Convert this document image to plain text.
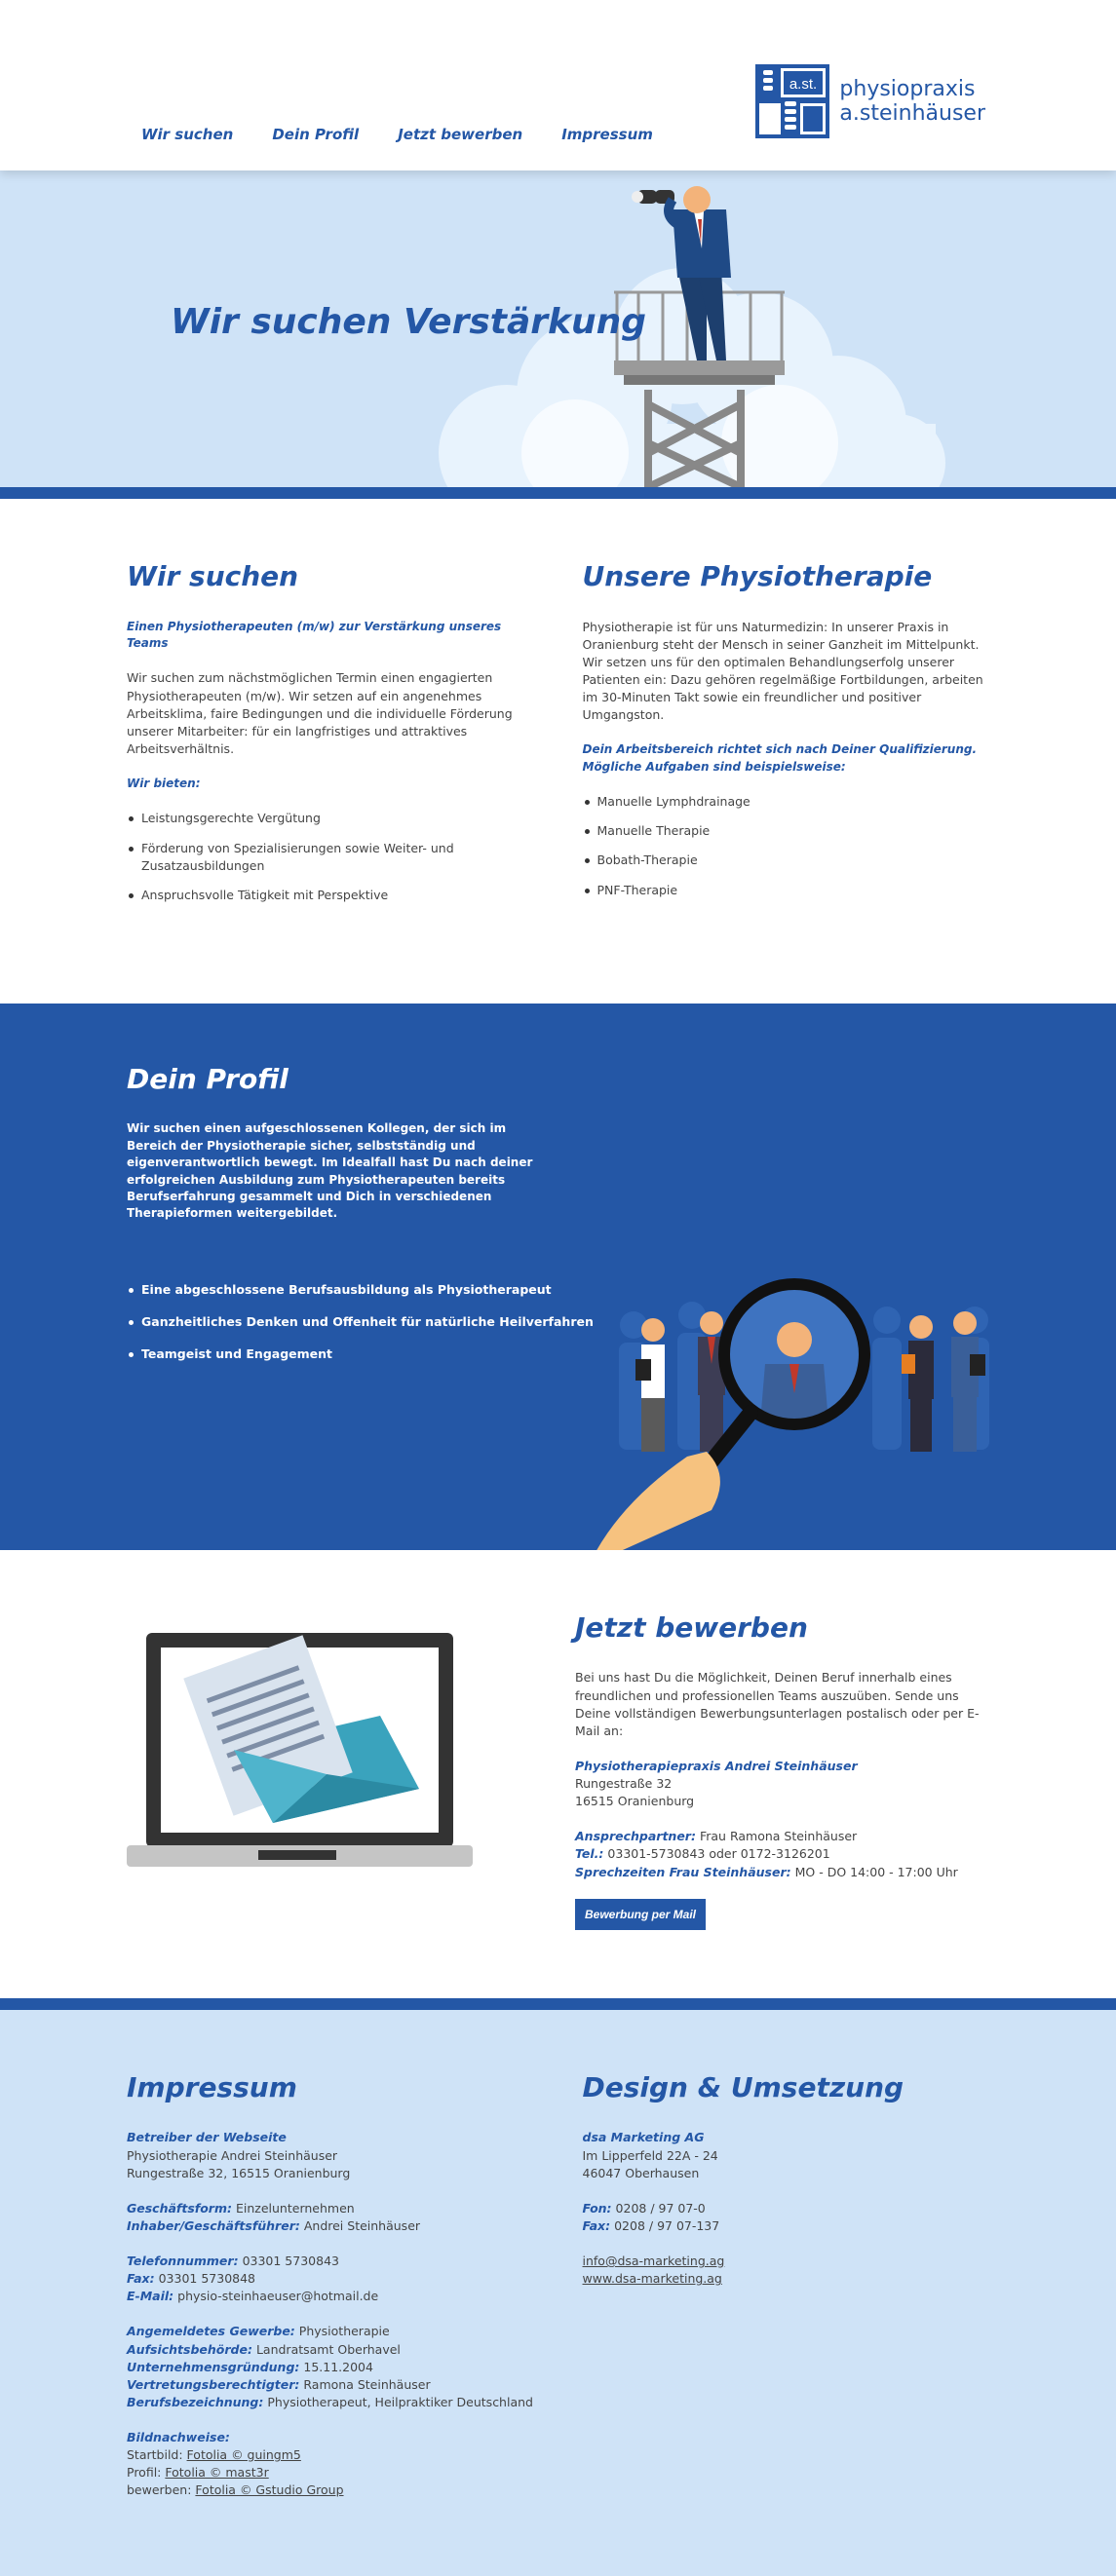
Wir suchen	Dein Profil	Jetzt bewerben	Impressum
a.st. physiopraxis
a.steinhäuser
Wir suchen Verstärkung
Wir suchen
Einen Physiotherapeuten (m/w) zur Verstärkung unseres Teams

Wir suchen zum nächstmöglichen Termin einen engagierten Physiotherapeuten (m/w). Wir setzen auf ein angenehmes Arbeitsklima, faire Bedingungen und die individuelle Förderung unserer Mitarbeiter: für ein langfristiges und attraktives Arbeitsverhältnis.

Wir bieten:
Leistungsgerechte Vergütung
Förderung von Spezialisierungen sowie Weiter- und Zusatzausbildungen
Anspruchsvolle Tätigkeit mit Perspektive
Unsere Physiotherapie

Physiotherapie ist für uns Naturmedizin: In unserer Praxis in Oranienburg steht der Mensch in seiner Ganzheit im Mittelpunkt. Wir setzen uns für den optimalen Behandlungserfolg unserer Patienten ein: Dazu gehören regelmäßige Fortbildungen, arbeiten im 30-Minuten Takt sowie ein freundlicher und positiver Umgangston.

Dein Arbeitsbereich richtet sich nach Deiner Qualifizierung. Mögliche Aufgaben sind beispielsweise:
Manuelle Lymphdrainage
Manuelle Therapie
Bobath-Therapie
PNF-Therapie
Dein Profil

Wir suchen einen aufgeschlossenen Kollegen, der sich im Bereich der Physiotherapie sicher, selbstständig und eigenverantwortlich bewegt. Im Idealfall hast Du nach deiner erfolgreichen Ausbildung zum Physiotherapeuten bereits Berufserfahrung gesammelt und Dich in verschiedenen Therapieformen weitergebildet.

Eine abgeschlossene Berufsausbildung als Physiotherapeut
Ganzheitliches Denken und Offenheit für natürliche Heilverfahren
Teamgeist und Engagement
Jetzt bewerben

Bei uns hast Du die Möglichkeit, Deinen Beruf innerhalb eines freundlichen und professionellen Teams auszuüben. Sende uns Deine vollständigen Bewerbungsunterlagen postalisch oder per E-Mail an:

Physiotherapiepraxis Andrei Steinhäuser
Rungestraße 32
16515 Oranienburg

Ansprechpartner: Frau Ramona Steinhäuser
Tel.: 03301-5730843 oder 0172-3126201
Sprechzeiten Frau Steinhäuser: MO - DO 14:00 - 17:00 Uhr

Bewerbung per Mail
Impressum
Betreiber der Webseite
Physiotherapie Andrei Steinhäuser
Rungestraße 32, 16515 Oranienburg
Geschäftsform: Einzelunternehmen
Inhaber/Geschäftsführer: Andrei Steinhäuser
Telefonnummer: 03301 5730843
Fax: 03301 5730848
E-Mail: physio-steinhaeuser@hotmail.de
Angemeldetes Gewerbe: Physiotherapie
Aufsichtsbehörde: Landratsamt Oberhavel
Unternehmensgründung: 15.11.2004
Vertretungsberechtigter: Ramona Steinhäuser
Berufsbezeichnung: Physiotherapeut, Heilpraktiker Deutschland
Bildnachweise:
Startbild: Fotolia © guingm5
Profil: Fotolia © mast3r
bewerben: Fotolia © Gstudio Group
Design & Umsetzung
dsa Marketing AG
Im Lipperfeld 22A - 24
46047 Oberhausen
Fon: 0208 / 97 07-0
Fax: 0208 / 97 07-137
info@dsa-marketing.ag
www.dsa-marketing.ag
